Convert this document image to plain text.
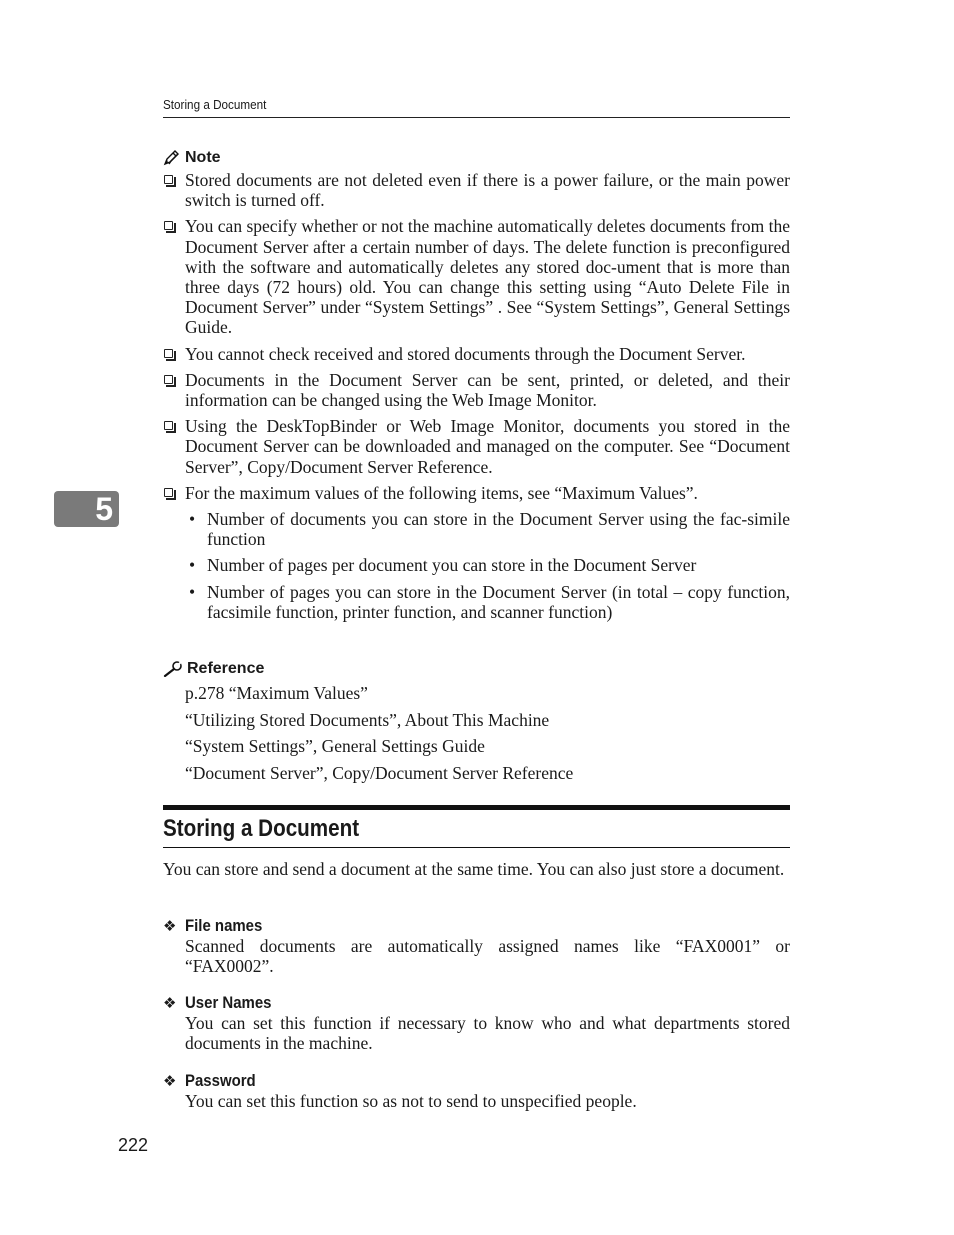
Storing a Document
5
Note
Stored documents are not deleted even if there is a power failure, or the main power switch is turned off.
You can specify whether or not the machine automatically deletes documents from the Document Server after a certain number of days. The delete function is preconfigured with the software and automatically deletes any stored doc-ument that is more than three days (72 hours) old. You can change this setting using “Auto Delete File in Document Server” under “System Settings” . See “System Settings”, General Settings Guide.
You cannot check received and stored documents through the Document Server.
Documents in the Document Server can be sent, printed, or deleted, and their information can be changed using the Web Image Monitor.
Using the DeskTopBinder or Web Image Monitor, documents you stored in the Document Server can be downloaded and managed on the computer. See “Document Server”, Copy/Document Server Reference.
For the maximum values of the following items, see “Maximum Values”.
• Number of documents you can store in the Document Server using the fac-simile function
• Number of pages per document you can store in the Document Server
• Number of pages you can store in the Document Server (in total – copy function, facsimile function, printer function, and scanner function)
Reference
p.278 “Maximum Values”
“Utilizing Stored Documents”, About This Machine
“System Settings”, General Settings Guide
“Document Server”, Copy/Document Server Reference
Storing a Document
You can store and send a document at the same time. You can also just store a document.
❖ File names
Scanned documents are automatically assigned names like “FAX0001” or “FAX0002”.
❖ User Names
You can set this function if necessary to know who and what departments stored documents in the machine.
❖ Password
You can set this function so as not to send to unspecified people.
222
